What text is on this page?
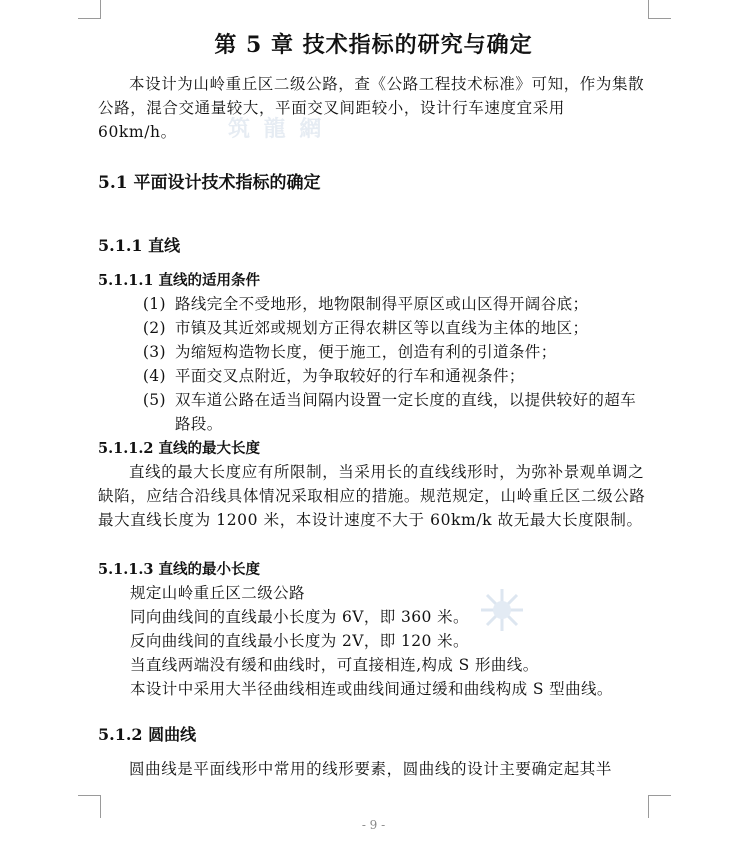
筑 龍 網
第 5 章 技术指标的研究与确定
本设计为山岭重丘区二级公路，查《公路工程技术标准》可知，作为集散公路，混合交通量较大，平面交叉间距较小，设计行车速度宜采用 60km/h。
5.1 平面设计技术指标的确定
5.1.1 直线
5.1.1.1 直线的适用条件
(1) 路线完全不受地形，地物限制得平原区或山区得开阔谷底；
(2) 市镇及其近郊或规划方正得农耕区等以直线为主体的地区；
(3) 为缩短构造物长度，便于施工，创造有利的引道条件；
(4) 平面交叉点附近，为争取较好的行车和通视条件；
(5) 双车道公路在适当间隔内设置一定长度的直线，以提供较好的超车路段。
5.1.1.2 直线的最大长度
直线的最大长度应有所限制，当采用长的直线线形时，为弥补景观单调之缺陷，应结合沿线具体情况采取相应的措施。规范规定，山岭重丘区二级公路最大直线长度为 1200 米，本设计速度不大于 60km/k 故无最大长度限制。
5.1.1.3 直线的最小长度
规定山岭重丘区二级公路
同向曲线间的直线最小长度为 6V，即 360 米。
反向曲线间的直线最小长度为 2V，即 120 米。
当直线两端没有缓和曲线时，可直接相连,构成 S 形曲线。
本设计中采用大半径曲线相连或曲线间通过缓和曲线构成 S 型曲线。
5.1.2 圆曲线
圆曲线是平面线形中常用的线形要素，圆曲线的设计主要确定起其半
- 9 -
